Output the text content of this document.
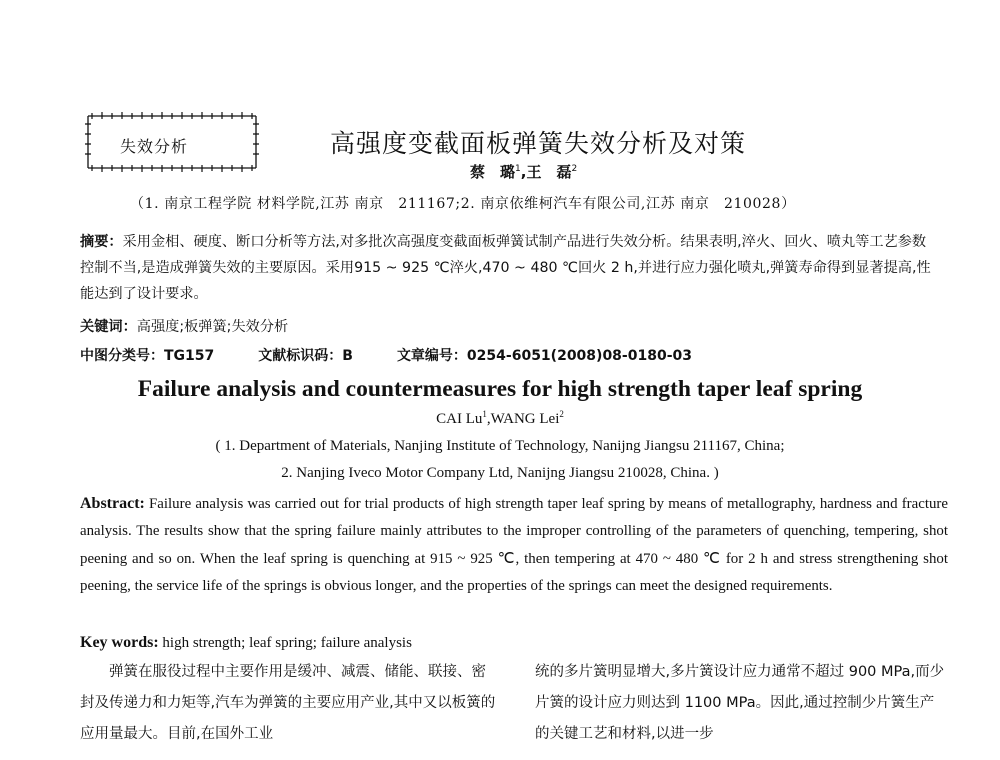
失效分析	高强度变截面板弹簧失效分析及对策
蔡　璐$^1$,王　磊$^2$
（1. 南京工程学院 材料学院,江苏 南京　211167;2. 南京依维柯汽车有限公司,江苏 南京　210028）
摘要：采用金相、硬度、断口分析等方法,对多批次高强度变截面板弹簧试制产品进行失效分析。结果表明,淬火、回火、喷丸等工艺参数控制不当,是造成弹簧失效的主要原因。采用915 ~ 925 ℃淬火,470 ~ 480 ℃回火 2 h,并进行应力强化喷丸,弹簧寿命得到显著提高,性能达到了设计要求。
关键词：高强度;板弹簧;失效分析
中图分类号：TG157	文献标识码：B	文章编号：0254-6051(2008)08-0180-03
Failure analysis and countermeasures for high strength taper leaf spring
CAI Lu$^1$,WANG Lei$^2$
( 1. Department of Materials, Nanjing Institute of Technology, Nanijng Jiangsu 211167, China;
2. Nanjing Iveco Motor Company Ltd, Nanijng Jiangsu 210028, China. )
Abstract: Failure analysis was carried out for trial products of high strength taper leaf spring by means of metallography, hardness and fracture analysis. The results show that the spring failure mainly attributes to the improper controlling of the parameters of quenching, tempering, shot peening and so on. When the leaf spring is quenching at 915 ~ 925 ℃, then tempering at 470 ~ 480 ℃ for 2 h and stress strengthening shot peening, the service life of the springs is obvious longer, and the properties of the springs can meet the designed requirements.
Key words: high strength; leaf spring; failure analysis

弹簧在服役过程中主要作用是缓冲、减震、储能、联接、密封及传递力和力矩等,汽车为弹簧的主要应用产业,其中又以板簧的应用量最大。目前,在国外工业

统的多片簧明显增大,多片簧设计应力通常不超过 900 MPa,而少片簧的设计应力则达到 1100 MPa。因此,通过控制少片簧生产的关键工艺和材料,以进一步
